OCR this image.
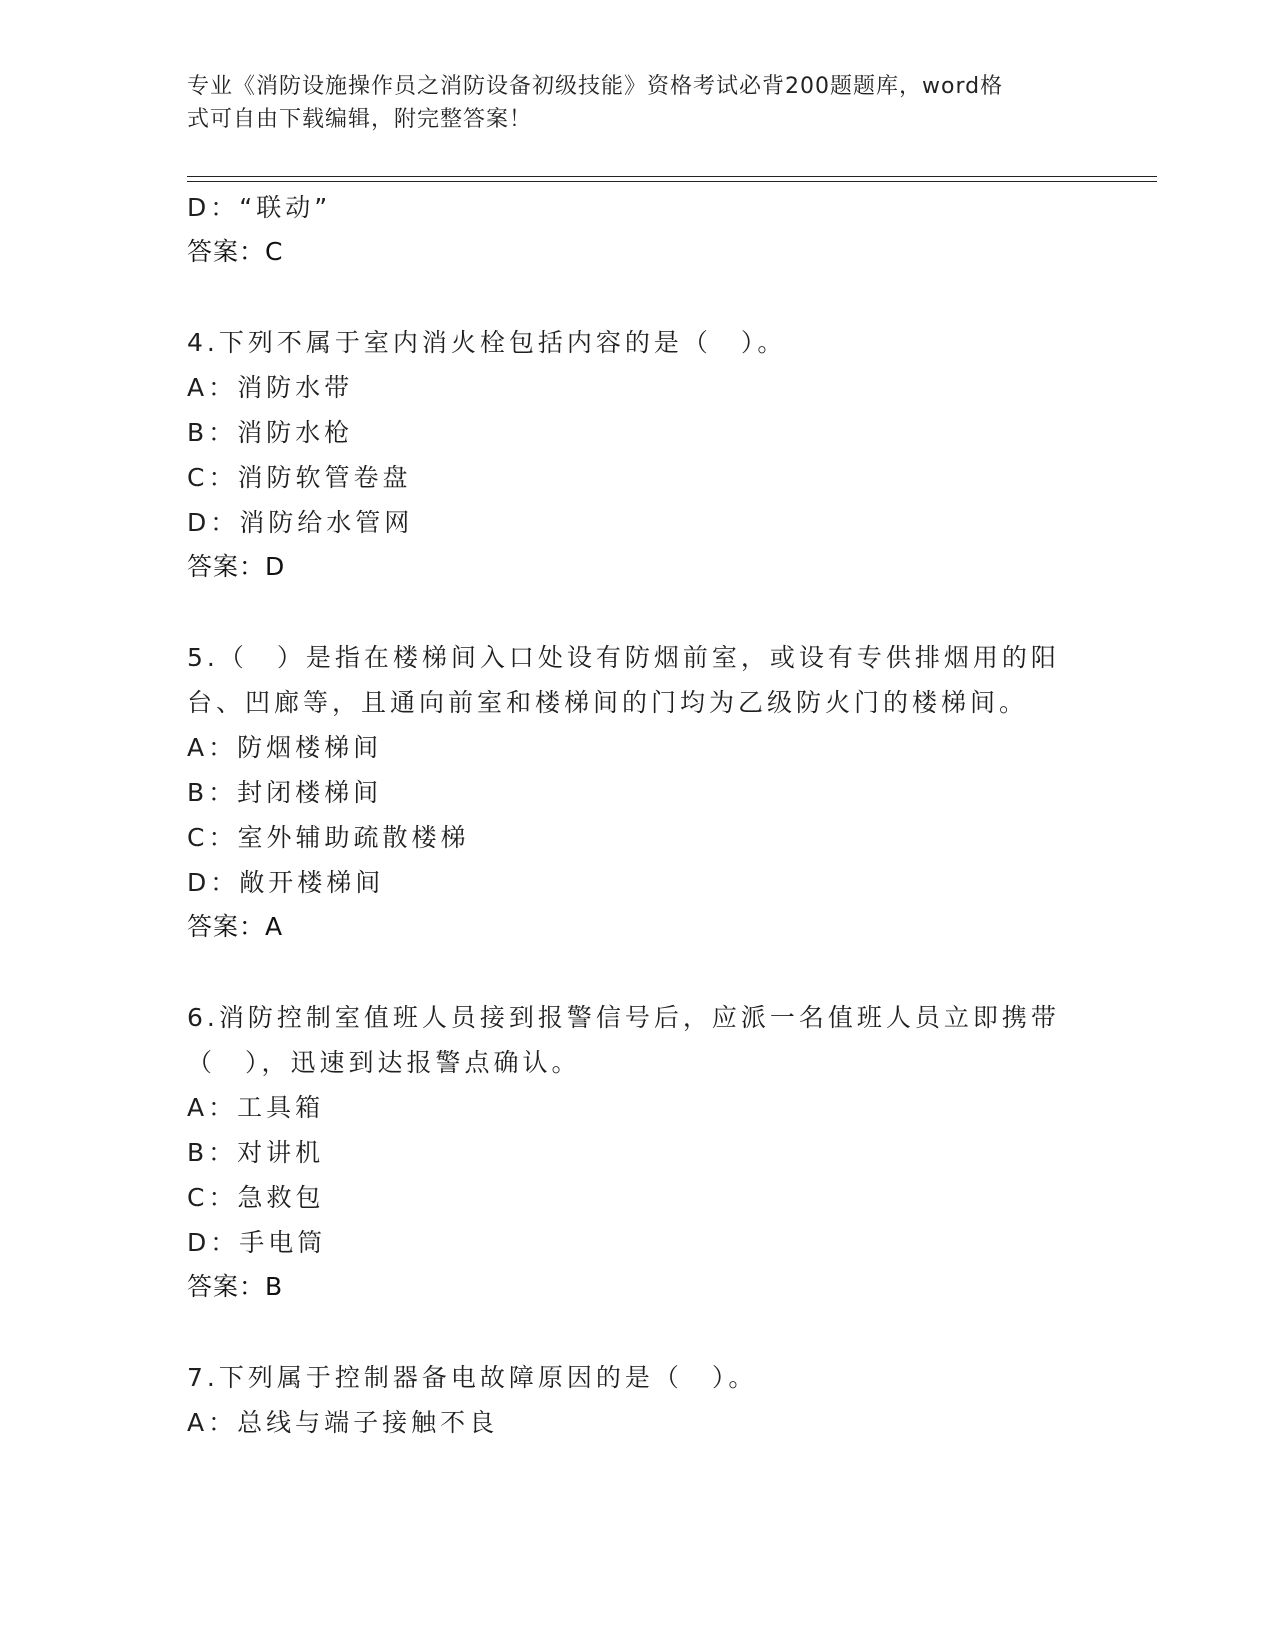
专业《消防设施操作员之消防设备初级技能》资格考试必背200题题库，word格
式可自由下载编辑，附完整答案！
D：“联动”
答案：C
4.下列不属于室内消火栓包括内容的是（　）。
A：消防水带
B：消防水枪
C：消防软管卷盘
D：消防给水管网
答案：D
5.（　）是指在楼梯间入口处设有防烟前室，或设有专供排烟用的阳
台、凹廊等，且通向前室和楼梯间的门均为乙级防火门的楼梯间。
A：防烟楼梯间
B：封闭楼梯间
C：室外辅助疏散楼梯
D：敞开楼梯间
答案：A
6.消防控制室值班人员接到报警信号后，应派一名值班人员立即携带
（　），迅速到达报警点确认。
A：工具箱
B：对讲机
C：急救包
D：手电筒
答案：B
7.下列属于控制器备电故障原因的是（　）。
A：总线与端子接触不良
